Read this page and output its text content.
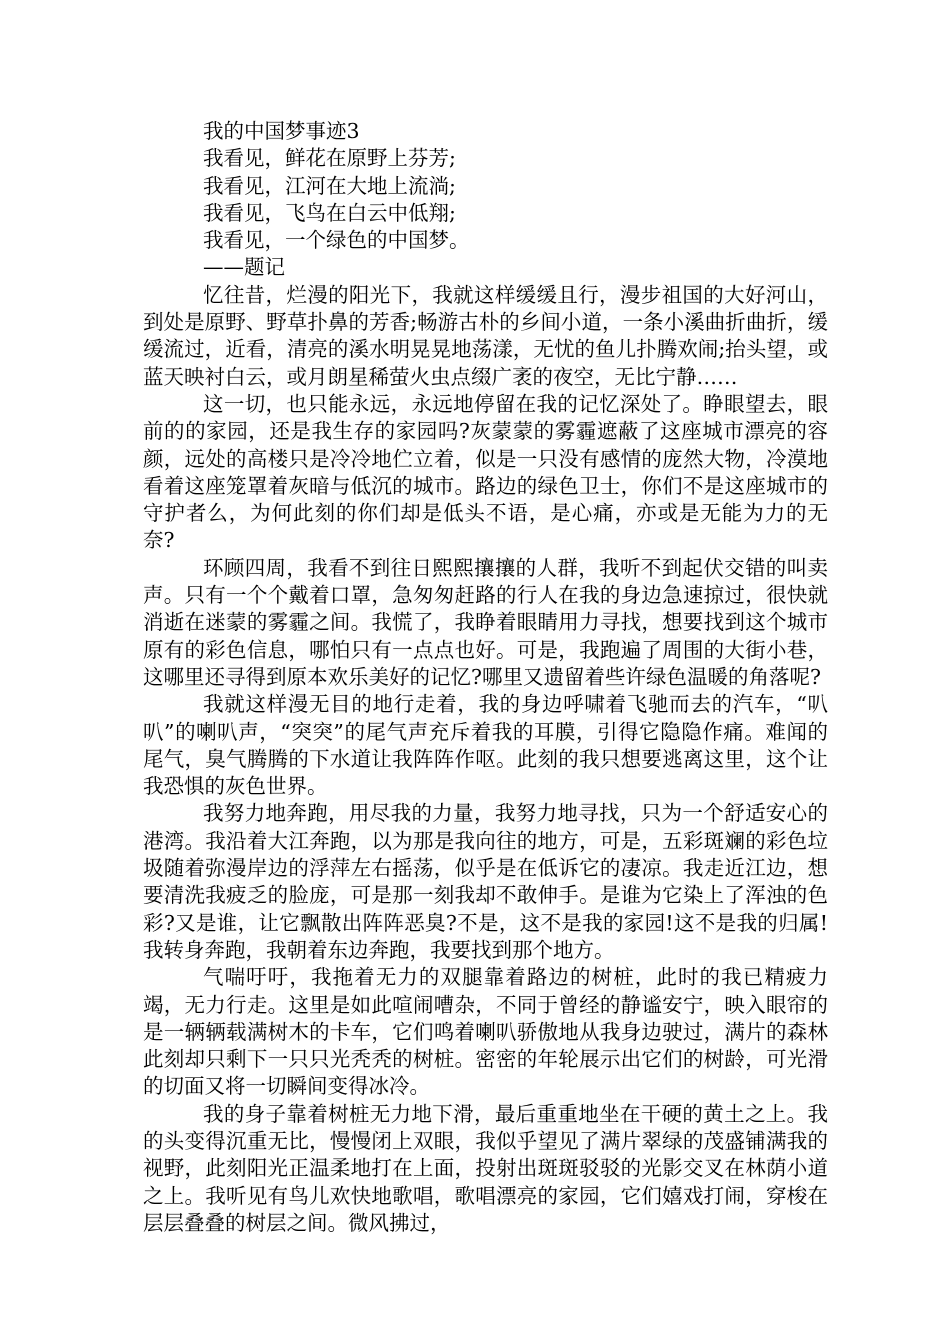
我的中国梦事迹3

我看见，鲜花在原野上芬芳;

我看见，江河在大地上流淌;

我看见，飞鸟在白云中低翔;

我看见，一个绿色的中国梦。

——题记

忆往昔，烂漫的阳光下，我就这样缓缓且行，漫步祖国的大好河山，到处是原野、野草扑鼻的芳香;畅游古朴的乡间小道，一条小溪曲折曲折，缓缓流过，近看，清亮的溪水明晃晃地荡漾，无忧的鱼儿扑腾欢闹;抬头望，或蓝天映衬白云，或月朗星稀萤火虫点缀广袤的夜空，无比宁静……

这一切，也只能永远，永远地停留在我的记忆深处了。睁眼望去，眼前的的家园，还是我生存的家园吗?灰蒙蒙的雾霾遮蔽了这座城市漂亮的容颜，远处的高楼只是冷冷地伫立着，似是一只没有感情的庞然大物，冷漠地看着这座笼罩着灰暗与低沉的城市。路边的绿色卫士，你们不是这座城市的守护者么，为何此刻的你们却是低头不语，是心痛，亦或是无能为力的无奈?

环顾四周，我看不到往日熙熙攘攘的人群，我听不到起伏交错的叫卖声。只有一个个戴着口罩，急匆匆赶路的行人在我的身边急速掠过，很快就消逝在迷蒙的雾霾之间。我慌了，我睁着眼睛用力寻找，想要找到这个城市原有的彩色信息，哪怕只有一点点也好。可是，我跑遍了周围的大街小巷，这哪里还寻得到原本欢乐美好的记忆?哪里又遗留着些许绿色温暖的角落呢?

我就这样漫无目的地行走着，我的身边呼啸着飞驰而去的汽车，“叭叭”的喇叭声，“突突”的尾气声充斥着我的耳膜，引得它隐隐作痛。难闻的尾气，臭气腾腾的下水道让我阵阵作呕。此刻的我只想要逃离这里，这个让我恐惧的灰色世界。

我努力地奔跑，用尽我的力量，我努力地寻找，只为一个舒适安心的港湾。我沿着大江奔跑，以为那是我向往的地方，可是，五彩斑斓的彩色垃圾随着弥漫岸边的浮萍左右摇荡，似乎是在低诉它的凄凉。我走近江边，想要清洗我疲乏的脸庞，可是那一刻我却不敢伸手。是谁为它染上了浑浊的色彩?又是谁，让它飘散出阵阵恶臭?不是，这不是我的家园!这不是我的归属!我转身奔跑，我朝着东边奔跑，我要找到那个地方。

气喘吁吁，我拖着无力的双腿靠着路边的树桩，此时的我已精疲力竭，无力行走。这里是如此喧闹嘈杂，不同于曾经的静谧安宁，映入眼帘的是一辆辆载满树木的卡车，它们鸣着喇叭骄傲地从我身边驶过，满片的森林此刻却只剩下一只只光秃秃的树桩。密密的年轮展示出它们的树龄，可光滑的切面又将一切瞬间变得冰冷。

我的身子靠着树桩无力地下滑，最后重重地坐在干硬的黄土之上。我的头变得沉重无比，慢慢闭上双眼，我似乎望见了满片翠绿的茂盛铺满我的视野，此刻阳光正温柔地打在上面，投射出斑斑驳驳的光影交叉在林荫小道之上。我听见有鸟儿欢快地歌唱，歌唱漂亮的家园，它们嬉戏打闹，穿梭在层层叠叠的树层之间。微风拂过，
